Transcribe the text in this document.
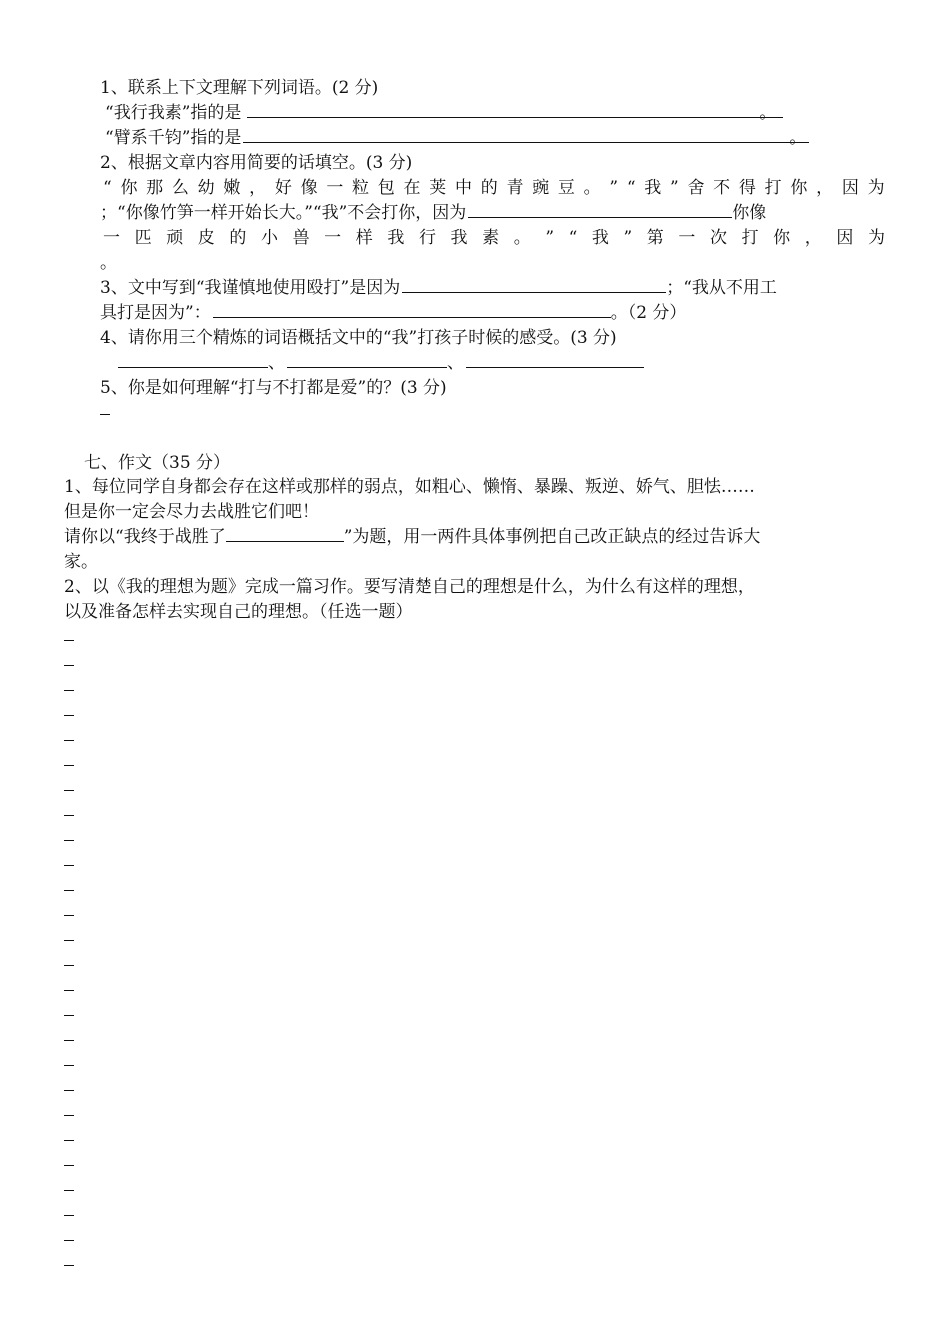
1、联系上下文理解下列词语。(2 分)
“我行我素”指的是	。
“臂系千钧”指的是	。
2、根据文章内容用简要的话填空。(3 分)
“ 你 那 么 幼 嫩 ， 好 像 一 粒 包 在 荚 中 的 青 豌 豆 。 ” “ 我 ” 舍 不 得 打 你 ， 因 为
；“你像竹笋一样开始长大。”“我”不会打你，因为	你像
一 匹 顽 皮 的 小 兽 一 样 我 行 我 素 。 ” “ 我 ” 第 一 次 打 你 ， 因 为
。
3、文中写到“我谨慎地使用殴打”是因为	；“我从不用工
具打是因为”：	。（2 分）
4、请你用三个精炼的词语概括文中的“我”打孩子时候的感受。(3 分)
、	、
5、你是如何理解“打与不打都是爱”的？(3 分)
七、作文（35 分）
1、每位同学自身都会存在这样或那样的弱点，如粗心、懒惰、暴躁、叛逆、娇气、胆怯……
但是你一定会尽力去战胜它们吧！
请你以“我终于战胜了	”为题，用一两件具体事例把自己改正缺点的经过告诉大
家。
2、以《我的理想为题》完成一篇习作。要写清楚自己的理想是什么，为什么有这样的理想，
以及准备怎样去实现自己的理想。（任选一题）
